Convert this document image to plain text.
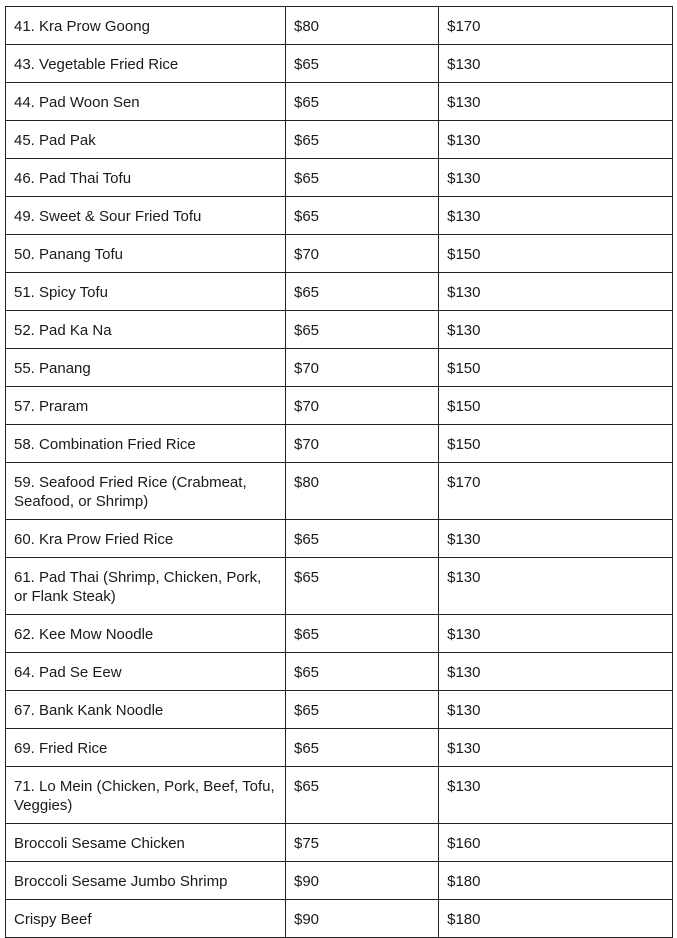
41. Kra Prow Goong	$80	$170
43. Vegetable Fried Rice	$65	$130
44. Pad Woon Sen	$65	$130
45. Pad Pak	$65	$130
46. Pad Thai Tofu	$65	$130
49. Sweet & Sour Fried Tofu	$65	$130
50. Panang Tofu	$70	$150
51. Spicy Tofu	$65	$130
52. Pad Ka Na	$65	$130
55. Panang	$70	$150
57. Praram	$70	$150
58. Combination Fried Rice	$70	$150
59. Seafood Fried Rice (Crabmeat, Seafood, or Shrimp)	$80	$170
60. Kra Prow Fried Rice	$65	$130
61. Pad Thai (Shrimp, Chicken, Pork, or Flank Steak)	$65	$130
62. Kee Mow Noodle	$65	$130
64. Pad Se Eew	$65	$130
67. Bank Kank Noodle	$65	$130
69. Fried Rice	$65	$130
71. Lo Mein (Chicken, Pork, Beef, Tofu, Veggies)	$65	$130
Broccoli Sesame Chicken	$75	$160
Broccoli Sesame Jumbo Shrimp	$90	$180
Crispy Beef	$90	$180
